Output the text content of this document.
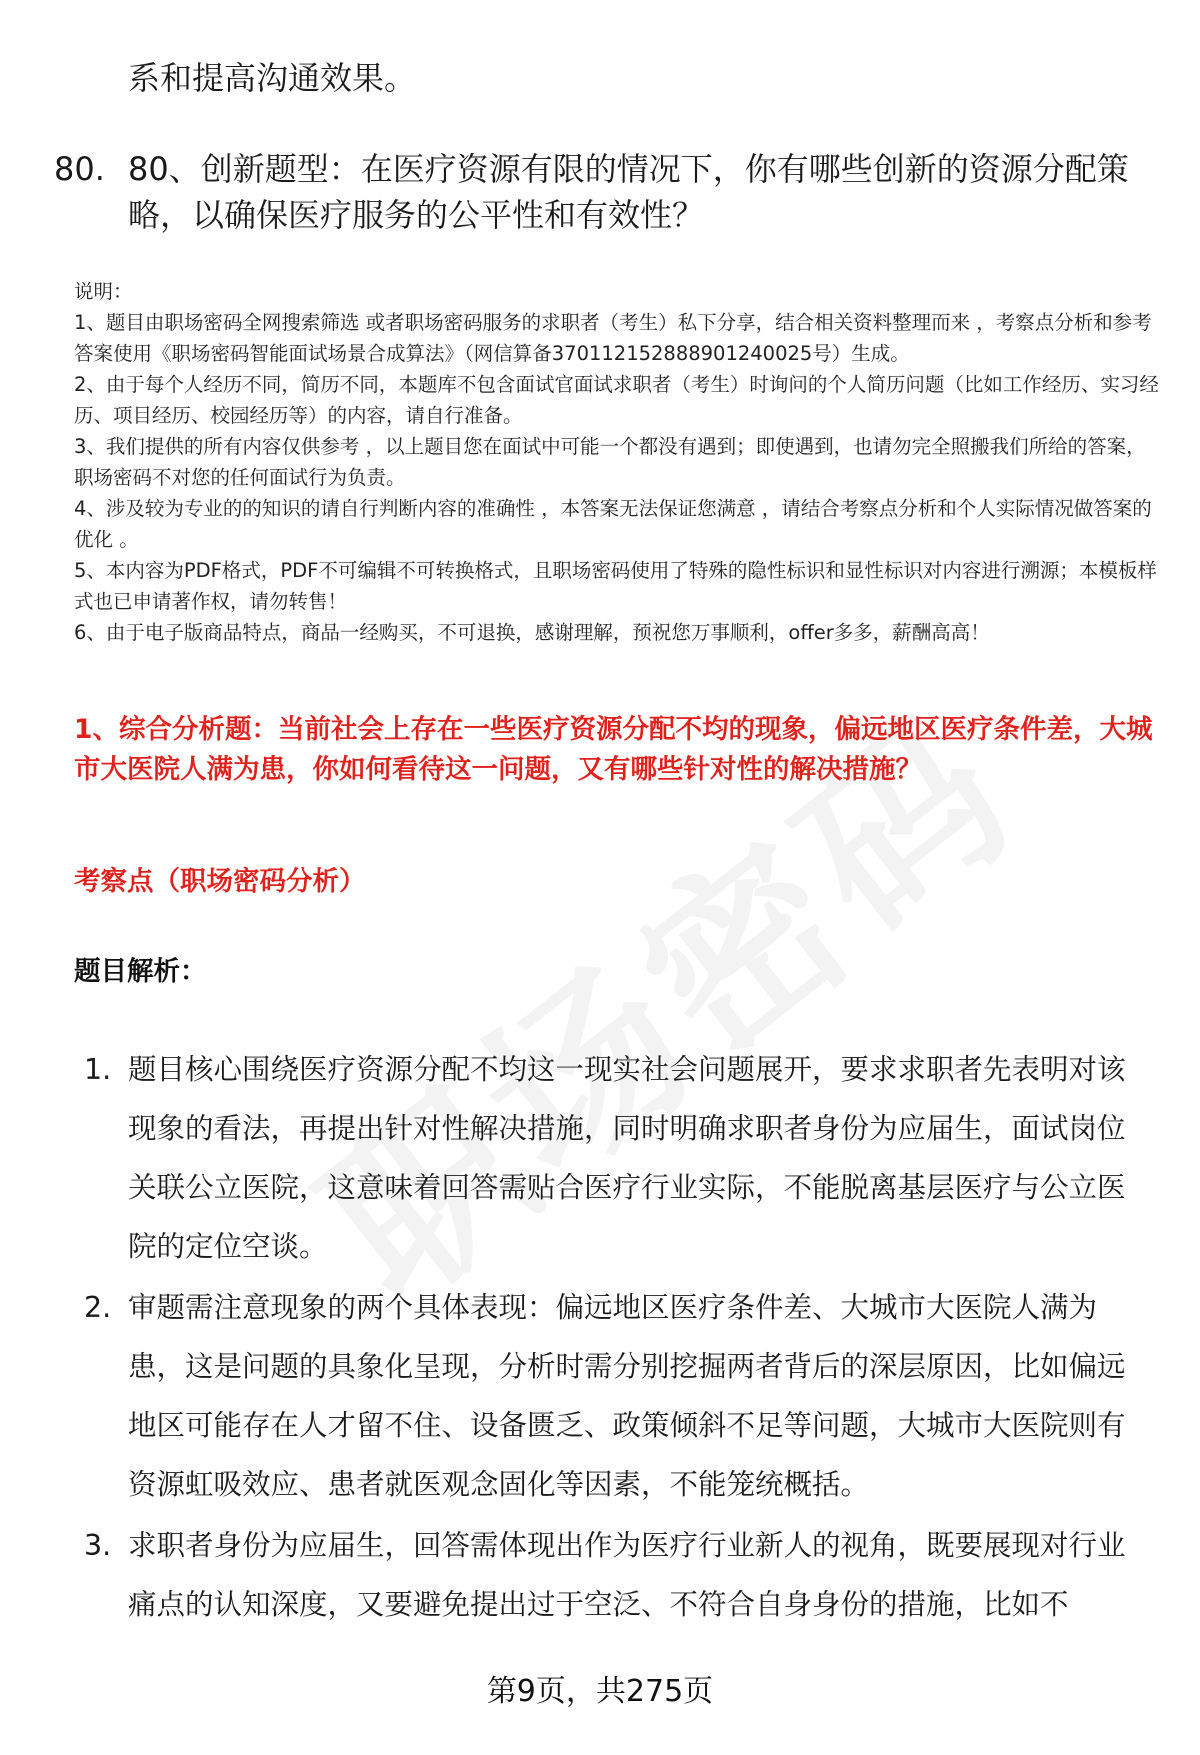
系和提高沟通效果。

80. 80、创新题型：在医疗资源有限的情况下，你有哪些创新的资源分配策略，以确保医疗服务的公平性和有效性？

说明：

1、题目由职场密码全网搜索筛选 或者职场密码服务的求职者（考生）私下分享，结合相关资料整理而来 ，考察点分析和参考答案使用《职场密码智能面试场景合成算法》（网信算备370112152888901240025号）生成。

2、由于每个人经历不同，简历不同，本题库不包含面试官面试求职者（考生）时询问的个人简历问题（比如工作经历、实习经历、项目经历、校园经历等）的内容，请自行准备。

3、我们提供的所有内容仅供参考 ，以上题目您在面试中可能一个都没有遇到；即使遇到，也请勿完全照搬我们所给的答案，职场密码不对您的任何面试行为负责。

4、涉及较为专业的的知识的请自行判断内容的准确性 ，本答案无法保证您满意 ，请结合考察点分析和个人实际情况做答案的优化 。

5、本内容为PDF格式，PDF不可编辑不可转换格式，且职场密码使用了特殊的隐性标识和显性标识对内容进行溯源；本模板样式也已申请著作权，请勿转售！

6、由于电子版商品特点，商品一经购买，不可退换，感谢理解，预祝您万事顺利，offer多多，薪酬高高！

1、综合分析题：当前社会上存在一些医疗资源分配不均的现象，偏远地区医疗条件差，大城市大医院人满为患，你如何看待这一问题，又有哪些针对性的解决措施？

考察点（职场密码分析）

题目解析：

1. 题目核心围绕医疗资源分配不均这一现实社会问题展开，要求求职者先表明对该现象的看法，再提出针对性解决措施，同时明确求职者身份为应届生，面试岗位关联公立医院，这意味着回答需贴合医疗行业实际，不能脱离基层医疗与公立医院的定位空谈。
2. 审题需注意现象的两个具体表现：偏远地区医疗条件差、大城市大医院人满为患，这是问题的具象化呈现，分析时需分别挖掘两者背后的深层原因，比如偏远地区可能存在人才留不住、设备匮乏、政策倾斜不足等问题，大城市大医院则有资源虹吸效应、患者就医观念固化等因素，不能笼统概括。
3. 求职者身份为应届生，回答需体现出作为医疗行业新人的视角，既要展现对行业痛点的认知深度，又要避免提出过于空泛、不符合自身身份的措施，比如不
第9页，共275页
